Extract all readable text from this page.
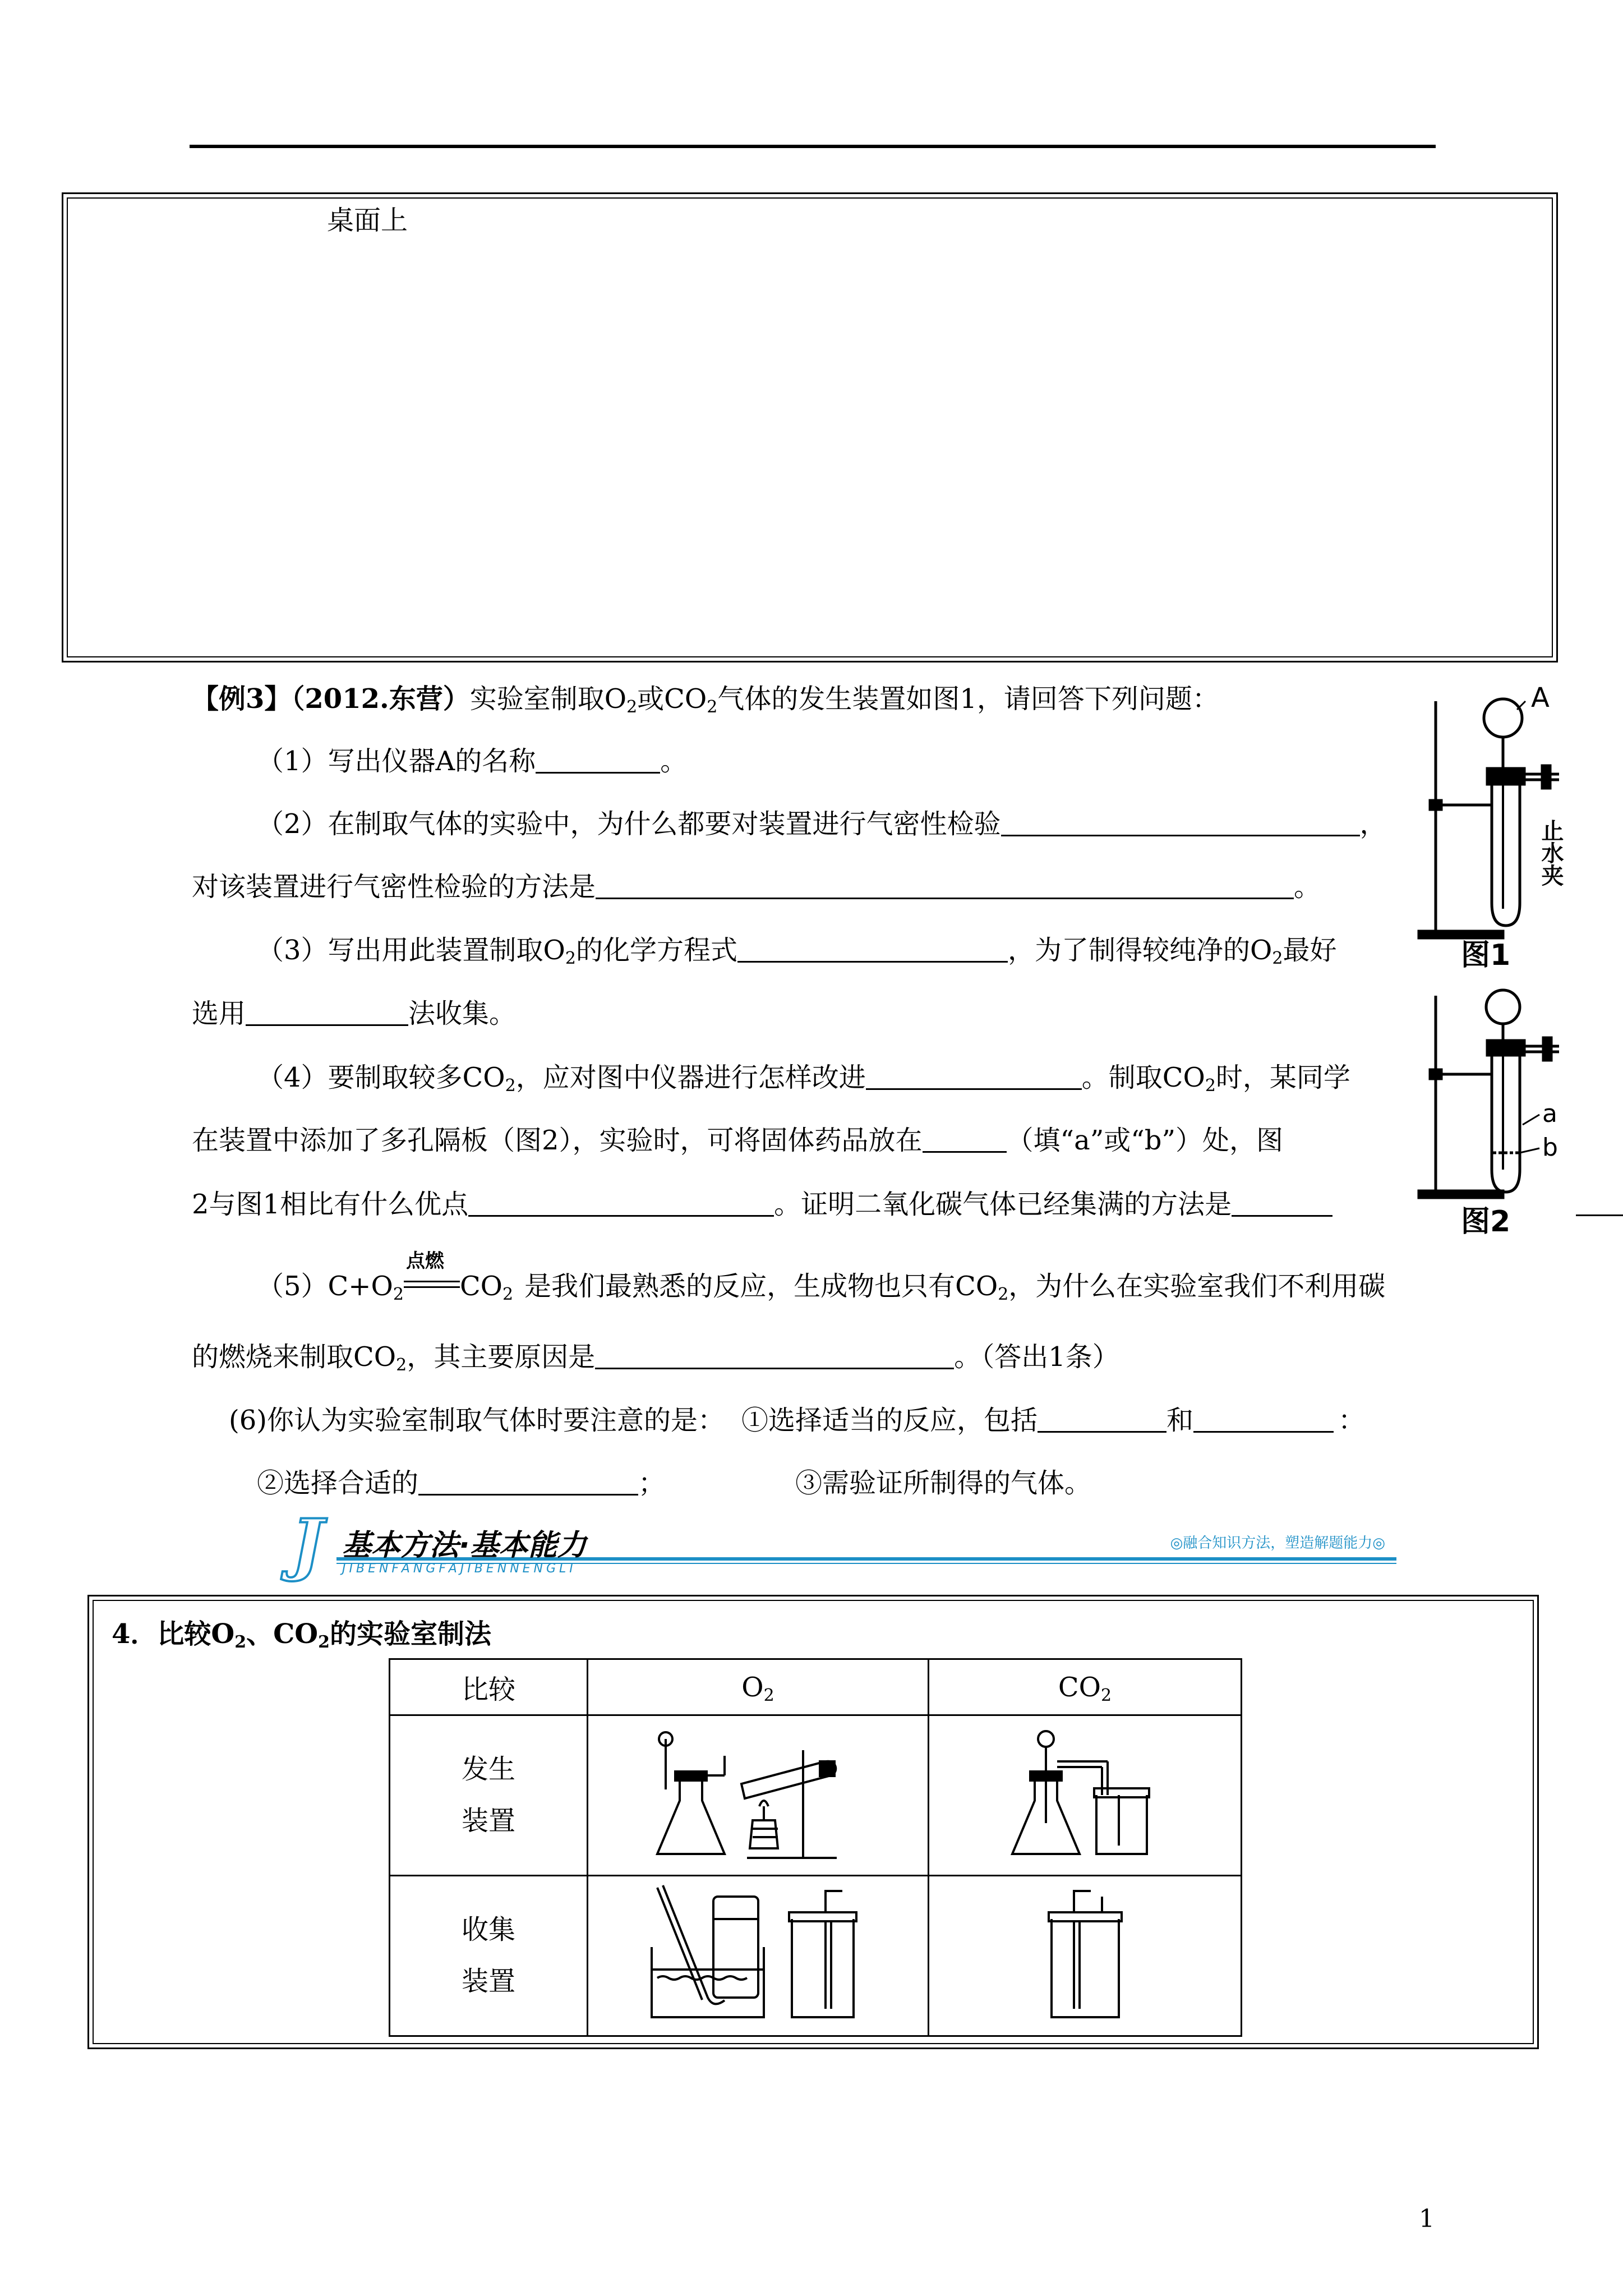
桌面上
【例3】（2012.东营）实验室制取$O_2$或$CO_2$气体的发生装置如图1，请回答下列问题：
（1）写出仪器A的名称	。
（2）在制取气体的实验中，为什么都要对装置进行气密性检验	，
对该装置进行气密性检验的方法是	。
（3）写出用此装置制取$O_2$的化学方程式	，为了制得较纯净的$O_2$最好
选用	法收集。
（4）要制取较多$CO_2$，应对图中仪器进行怎样改进	。制取$CO_2$时，某同学
在装置中添加了多孔隔板（图2），实验时，可将固体药品放在	（填“a”或“b”）处，图
2与图1相比有什么优点	。证明二氧化碳气体已经集满的方法是
$(5)C+O_2$
点燃
$CO_2$ 是我们最熟悉的反应，生成物也只有$CO_2$，为什么在实验室我们不利用碳
的燃烧来制取$CO_2$，其主要原因是	。（答出1条）
(6)你认为实验室制取气体时要注意的是： ①选择适当的反应，包括	和	：
②选择合适的	；	③需验证所制得的气体。
A
止水夹
图1
a
b
图2
J 基本方法·基本能力
JIBENFANGFAJIBENNENGLI
◎融合知识方法，塑造解题能力◎
4．比较$O_2$、$CO_2$的实验室制法
比较	$O_2$	$CO_2$

发生
装置

收集
装置

1
